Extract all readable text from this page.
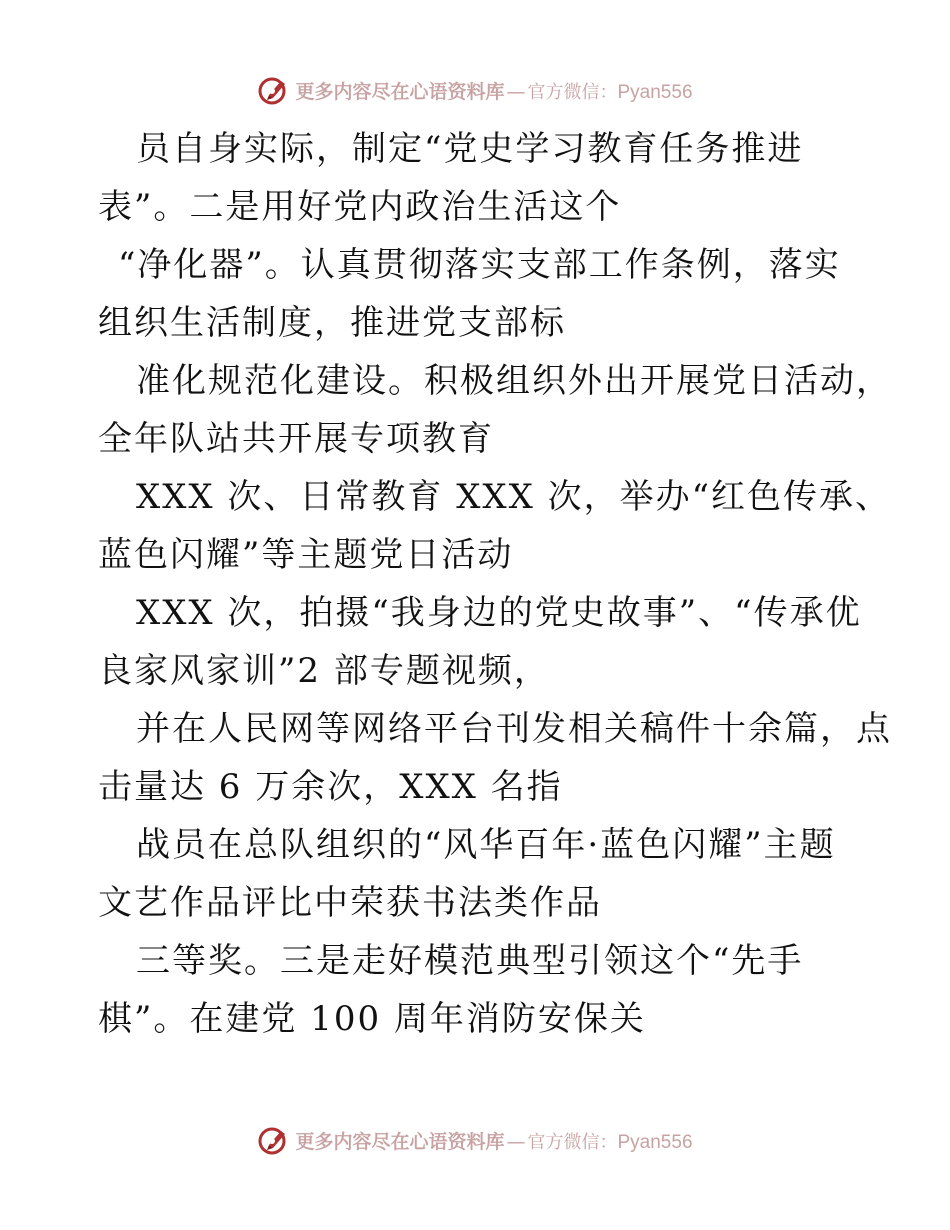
更多内容尽在心语资料库 — 官方微信： Pyan556
员自身实际，制定“党史学习教育任务推进
表”。二是用好党内政治生活这个
“净化器”。认真贯彻落实支部工作条例，落实
组织生活制度，推进党支部标
准化规范化建设。积极组织外出开展党日活动，
全年队站共开展专项教育
XXX 次、日常教育 XXX 次，举办“红色传承、
蓝色闪耀”等主题党日活动
XXX 次，拍摄“我身边的党史故事”、“传承优
良家风家训”2 部专题视频，
并在人民网等网络平台刊发相关稿件十余篇，点
击量达 6 万余次，XXX 名指
战员在总队组织的“风华百年·蓝色闪耀”主题
文艺作品评比中荣获书法类作品
三等奖。三是走好模范典型引领这个“先手
棋”。在建党 100 周年消防安保关
更多内容尽在心语资料库 — 官方微信： Pyan556
